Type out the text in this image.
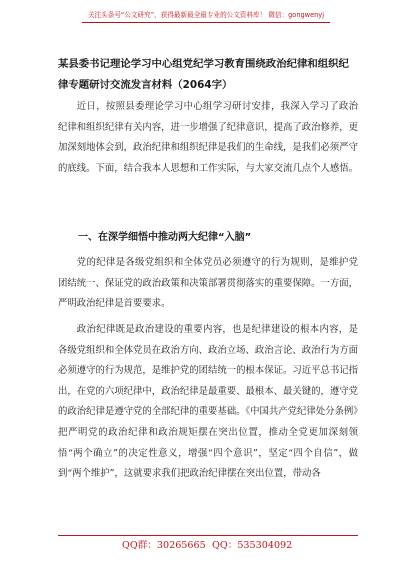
关注头条号“公文研究”，获得最新最全最专业的公文资料库！ 微信：gongwenyj
某县委书记理论学习中心组党纪学习教育围绕政治纪律和组织纪律专题研讨交流发言材料（2064字）

近日，按照县委理论学习中心组学习研讨安排，我深入学习了政治纪律和组织纪律有关内容，进一步增强了纪律意识，提高了政治修养，更加深刻地体会到，政治纪律和组织纪律是我们的生命线，是我们必须严守的底线。下面，结合我本人思想和工作实际，与大家交流几点个人感悟。

一、在深学细悟中推动两大纪律“入脑”

党的纪律是各级党组织和全体党员必须遵守的行为规则，是维护党团结统一、保证党的政治政策和决策部署贯彻落实的重要保障。一方面，严明政治纪律是首要要求。

政治纪律既是政治建设的重要内容，也是纪律建设的根本内容，是各级党组织和全体党员在政治方向、政治立场、政治言论、政治行为方面必须遵守的行为规范，是维护党的团结统一的根本保证。习近平总书记指出，在党的六项纪律中，政治纪律是最重要、最根本、最关键的，遵守党的政治纪律是遵守党的全部纪律的重要基础。《中国共产党纪律处分条例》把严明党的政治纪律和政治规矩摆在突出位置，推动全党更加深刻领悟“两个确立”的决定性意义，增强“四个意识”，坚定“四个自信”，做到“两个维护”，这就要求我们把政治纪律摆在突出位置，带动各

QQ群：30265665 QQ：535304092
